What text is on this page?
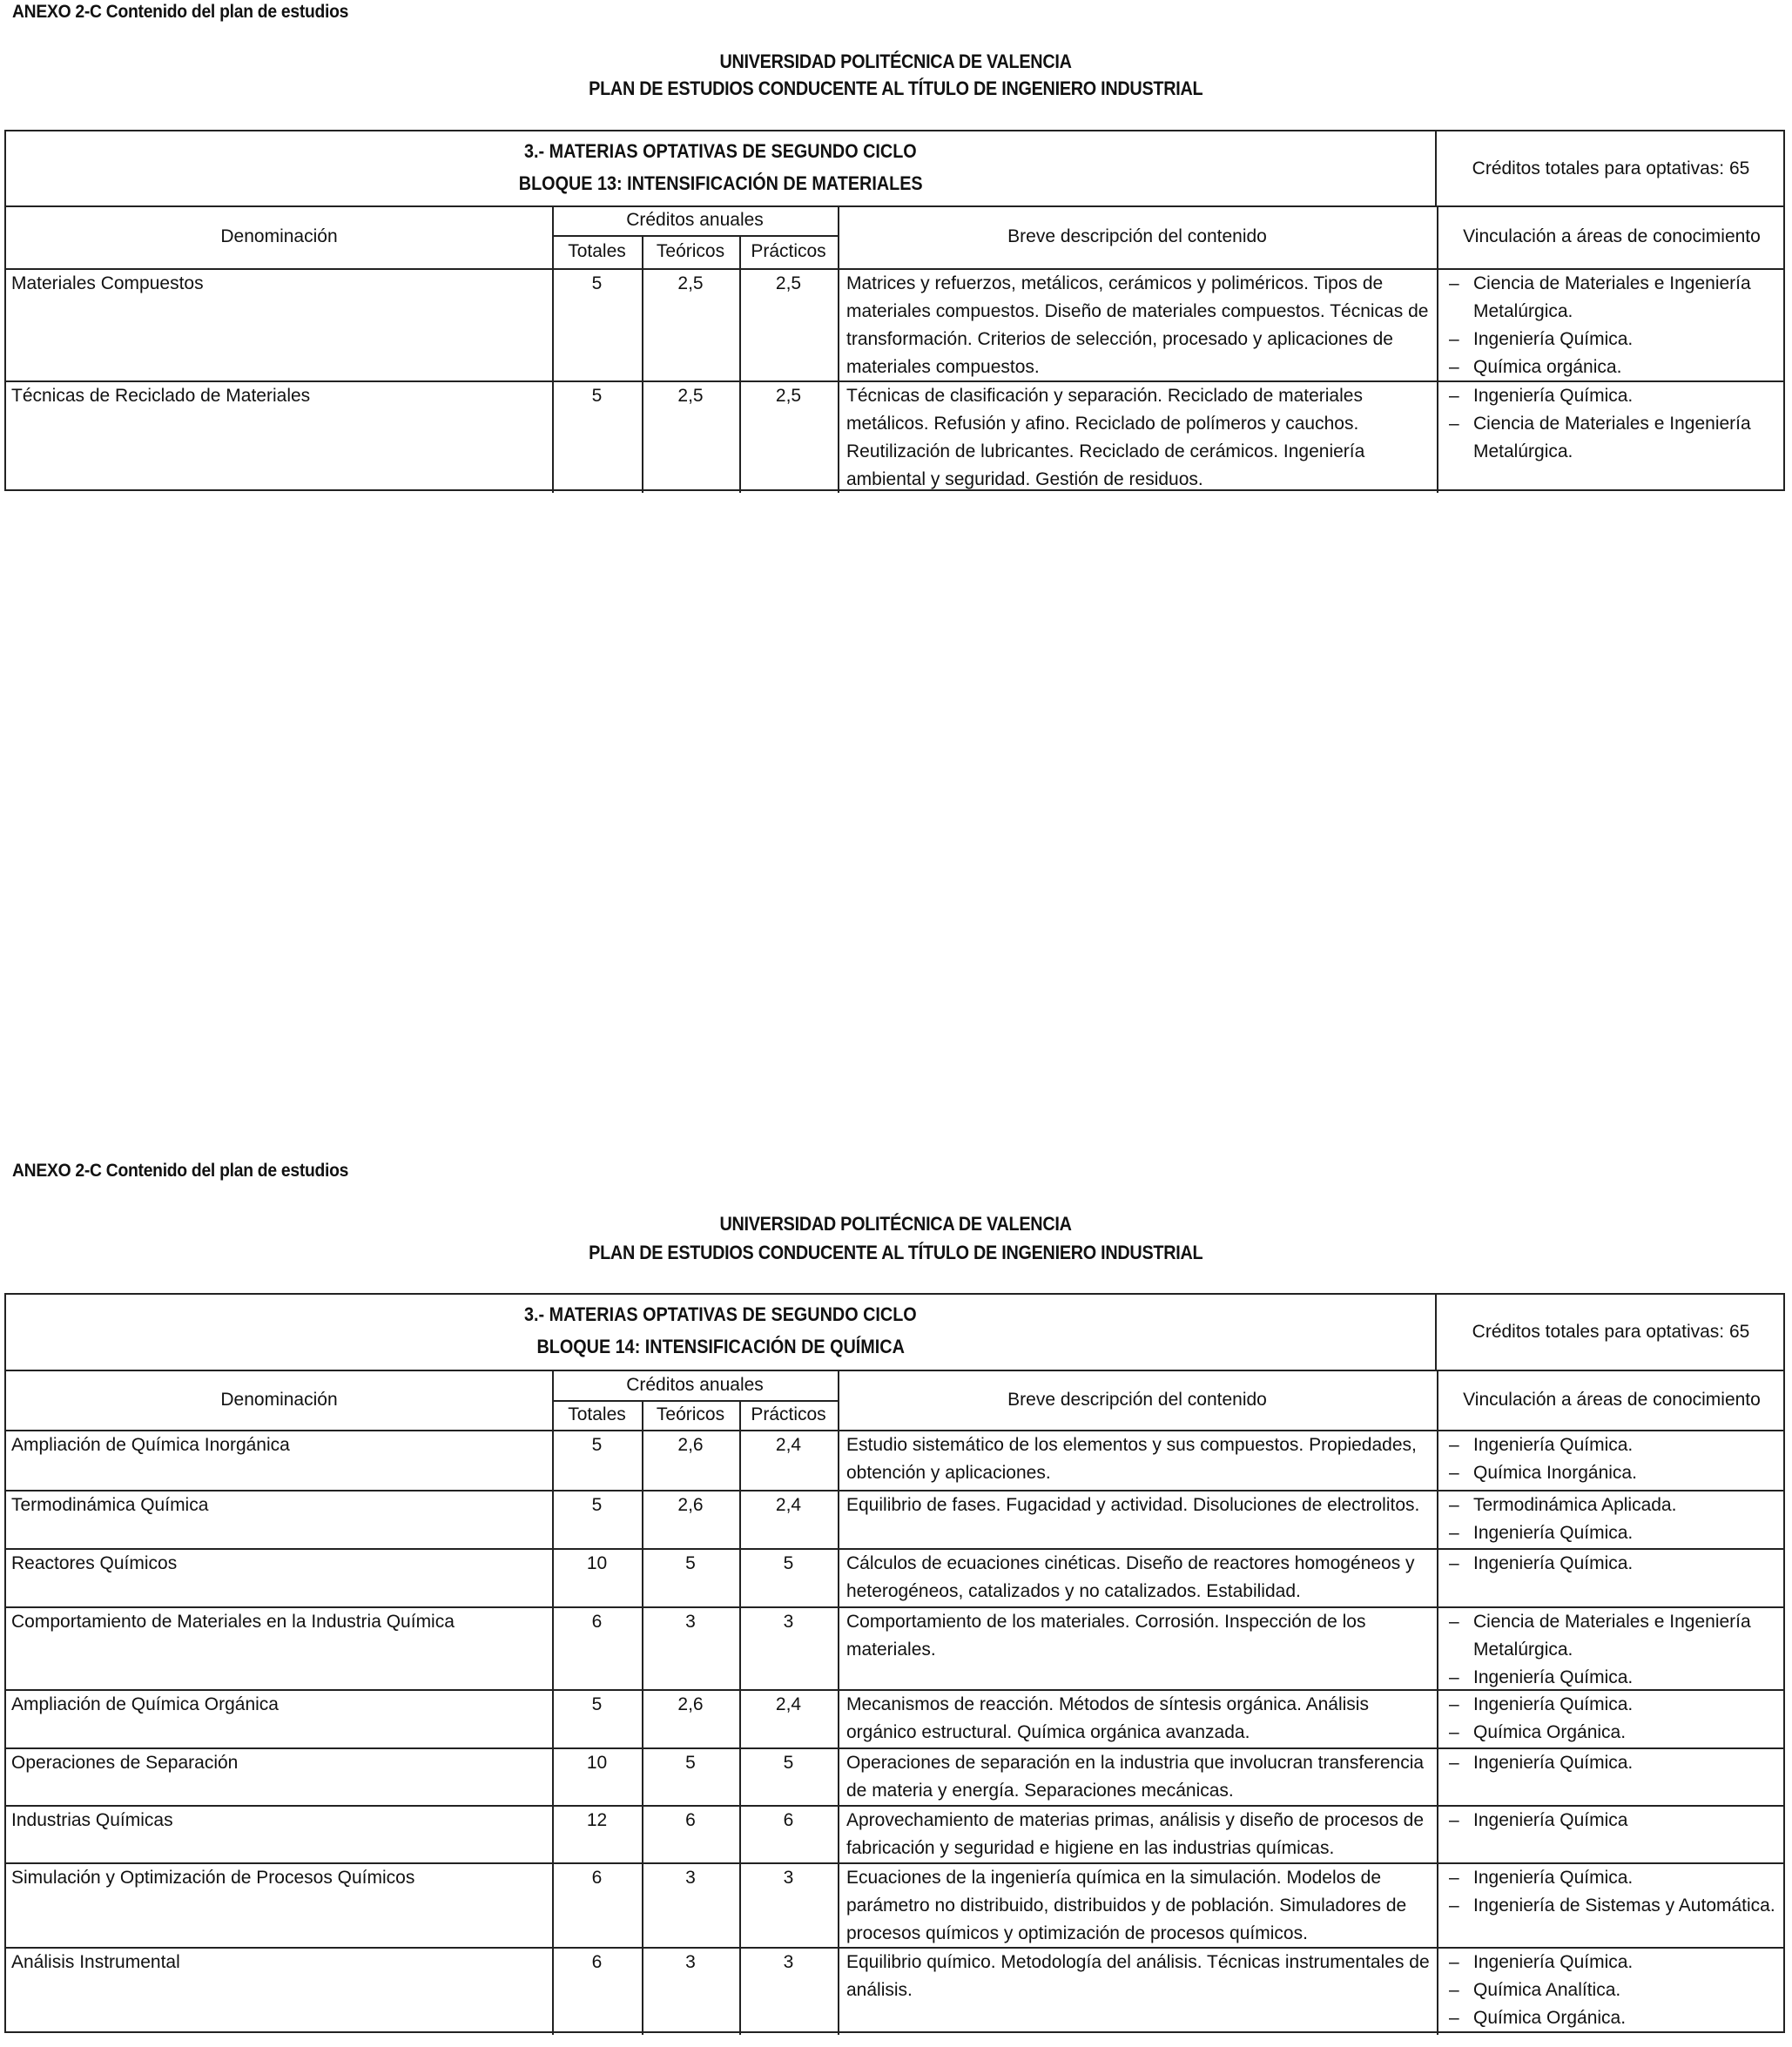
ANEXO 2-C Contenido del plan de estudios
UNIVERSIDAD POLITÉCNICA DE VALENCIA
PLAN DE ESTUDIOS CONDUCENTE AL TÍTULO DE INGENIERO INDUSTRIAL
3.- MATERIAS OPTATIVAS DE SEGUNDO CICLO
BLOQUE 13: INTENSIFICACIÓN DE MATERIALES
Créditos totales para optativas: 65
Denominación
Créditos anuales
Totales	Teóricos	Prácticos
Breve descripción del contenido	Vinculación a áreas de conocimiento
Materiales Compuestos	5	2,5	2,5	Matrices y refuerzos, metálicos, cerámicos y poliméricos. Tipos de materiales compuestos. Diseño de materiales compuestos. Técnicas de transformación. Criterios de selección, procesado y aplicaciones de materiales compuestos.
– Ciencia de Materiales e Ingeniería Metalúrgica.
– Ingeniería Química.
– Química orgánica.
Técnicas de Reciclado de Materiales	5	2,5	2,5	Técnicas de clasificación y separación. Reciclado de materiales metálicos. Refusión y afino. Reciclado de polímeros y cauchos. Reutilización de lubricantes. Reciclado de cerámicos. Ingeniería ambiental y seguridad. Gestión de residuos.
– Ingeniería Química.
– Ciencia de Materiales e Ingeniería Metalúrgica.
ANEXO 2-C Contenido del plan de estudios
UNIVERSIDAD POLITÉCNICA DE VALENCIA
PLAN DE ESTUDIOS CONDUCENTE AL TÍTULO DE INGENIERO INDUSTRIAL
3.- MATERIAS OPTATIVAS DE SEGUNDO CICLO
BLOQUE 14: INTENSIFICACIÓN DE QUÍMICA
Créditos totales para optativas: 65
Denominación
Créditos anuales
Totales	Teóricos	Prácticos
Breve descripción del contenido	Vinculación a áreas de conocimiento
Ampliación de Química Inorgánica	5	2,6	2,4	Estudio sistemático de los elementos y sus compuestos. Propiedades, obtención y aplicaciones.
– Ingeniería Química.
– Química Inorgánica.
Termodinámica Química	5	2,6	2,4	Equilibrio de fases. Fugacidad y actividad. Disoluciones de electrolitos.	– Termodinámica Aplicada.
– Ingeniería Química.
Reactores Químicos	10	5	5	Cálculos de ecuaciones cinéticas. Diseño de reactores homogéneos y heterogéneos, catalizados y no catalizados. Estabilidad.
– Ingeniería Química.
Comportamiento de Materiales en la Industria Química	6	3	3	Comportamiento de los materiales. Corrosión. Inspección de los materiales.
– Ciencia de Materiales e Ingeniería Metalúrgica.
– Ingeniería Química.
Ampliación de Química Orgánica	5	2,6	2,4	Mecanismos de reacción. Métodos de síntesis orgánica. Análisis orgánico estructural. Química orgánica avanzada.
– Ingeniería Química.
– Química Orgánica.
Operaciones de Separación	10	5	5	Operaciones de separación en la industria que involucran transferencia de materia y energía. Separaciones mecánicas.
– Ingeniería Química.
Industrias Químicas	12	6	6	Aprovechamiento de materias primas, análisis y diseño de procesos de fabricación y seguridad e higiene en las industrias químicas.
– Ingeniería Química
Simulación y Optimización de Procesos Químicos	6	3	3	Ecuaciones de la ingeniería química en la simulación. Modelos de parámetro no distribuido, distribuidos y de población. Simuladores de procesos químicos y optimización de procesos químicos.
– Ingeniería Química.
– Ingeniería de Sistemas y Automática.
Análisis Instrumental	6	3	3	Equilibrio químico. Metodología del análisis. Técnicas instrumentales de análisis.
– Ingeniería Química.
– Química Analítica.
– Química Orgánica.
